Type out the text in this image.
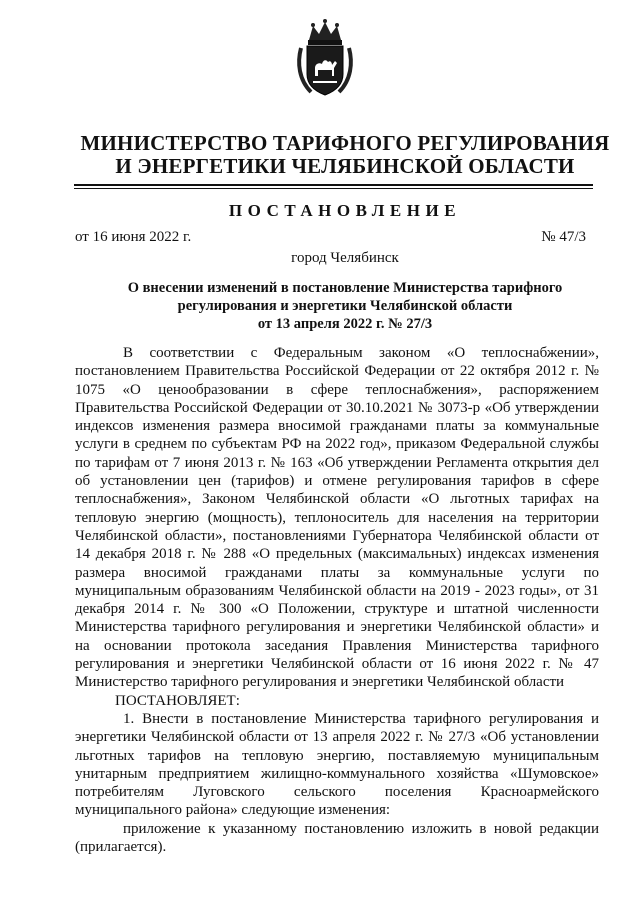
МИНИСТЕРСТВО ТАРИФНОГО РЕГУЛИРОВАНИЯ
И ЭНЕРГЕТИКИ ЧЕЛЯБИНСКОЙ ОБЛАСТИ
ПОСТАНОВЛЕНИЕ
от 16 июня 2022 г.	№ 47/3
город Челябинск
О внесении изменений в постановление Министерства тарифного
регулирования и энергетики Челябинской области
от 13 апреля 2022 г. № 27/3

В соответствии с Федеральным законом «О теплоснабжении», постановлением Правительства Российской Федерации от 22 октября 2012 г. № 1075 «О ценообразовании в сфере теплоснабжения», распоряжением Правительства Российской Федерации от 30.10.2021 № 3073-р «Об утверждении индексов изменения размера вносимой гражданами платы за коммунальные услуги в среднем по субъектам РФ на 2022 год», приказом Федеральной службы по тарифам от 7 июня 2013 г. № 163 «Об утверждении Регламента открытия дел об установлении цен (тарифов) и отмене регулирования тарифов в сфере теплоснабжения», Законом Челябинской области «О льготных тарифах на тепловую энергию (мощность), теплоноситель для населения на территории Челябинской области», постановлениями Губернатора Челябинской области от 14 декабря 2018 г. № 288 «О предельных (максимальных) индексах изменения размера вносимой гражданами платы за коммунальные услуги по муниципальным образованиям Челябинской области на 2019 - 2023 годы», от 31 декабря 2014 г. № 300 «О Положении, структуре и штатной численности Министерства тарифного регулирования и энергетики Челябинской области» и на основании протокола заседания Правления Министерства тарифного регулирования и энергетики Челябинской области от 16 июня 2022 г. № 47 Министерство тарифного регулирования и энергетики Челябинской области

ПОСТАНОВЛЯЕТ:

1. Внести в постановление Министерства тарифного регулирования и энергетики Челябинской области от 13 апреля 2022 г. № 27/3 «Об установлении льготных тарифов на тепловую энергию, поставляемую муниципальным унитарным предприятием жилищно-коммунального хозяйства «Шумовское» потребителям Луговского сельского поселения Красноармейского муниципального района» следующие изменения:

приложение к указанному постановлению изложить в новой редакции (прилагается).
